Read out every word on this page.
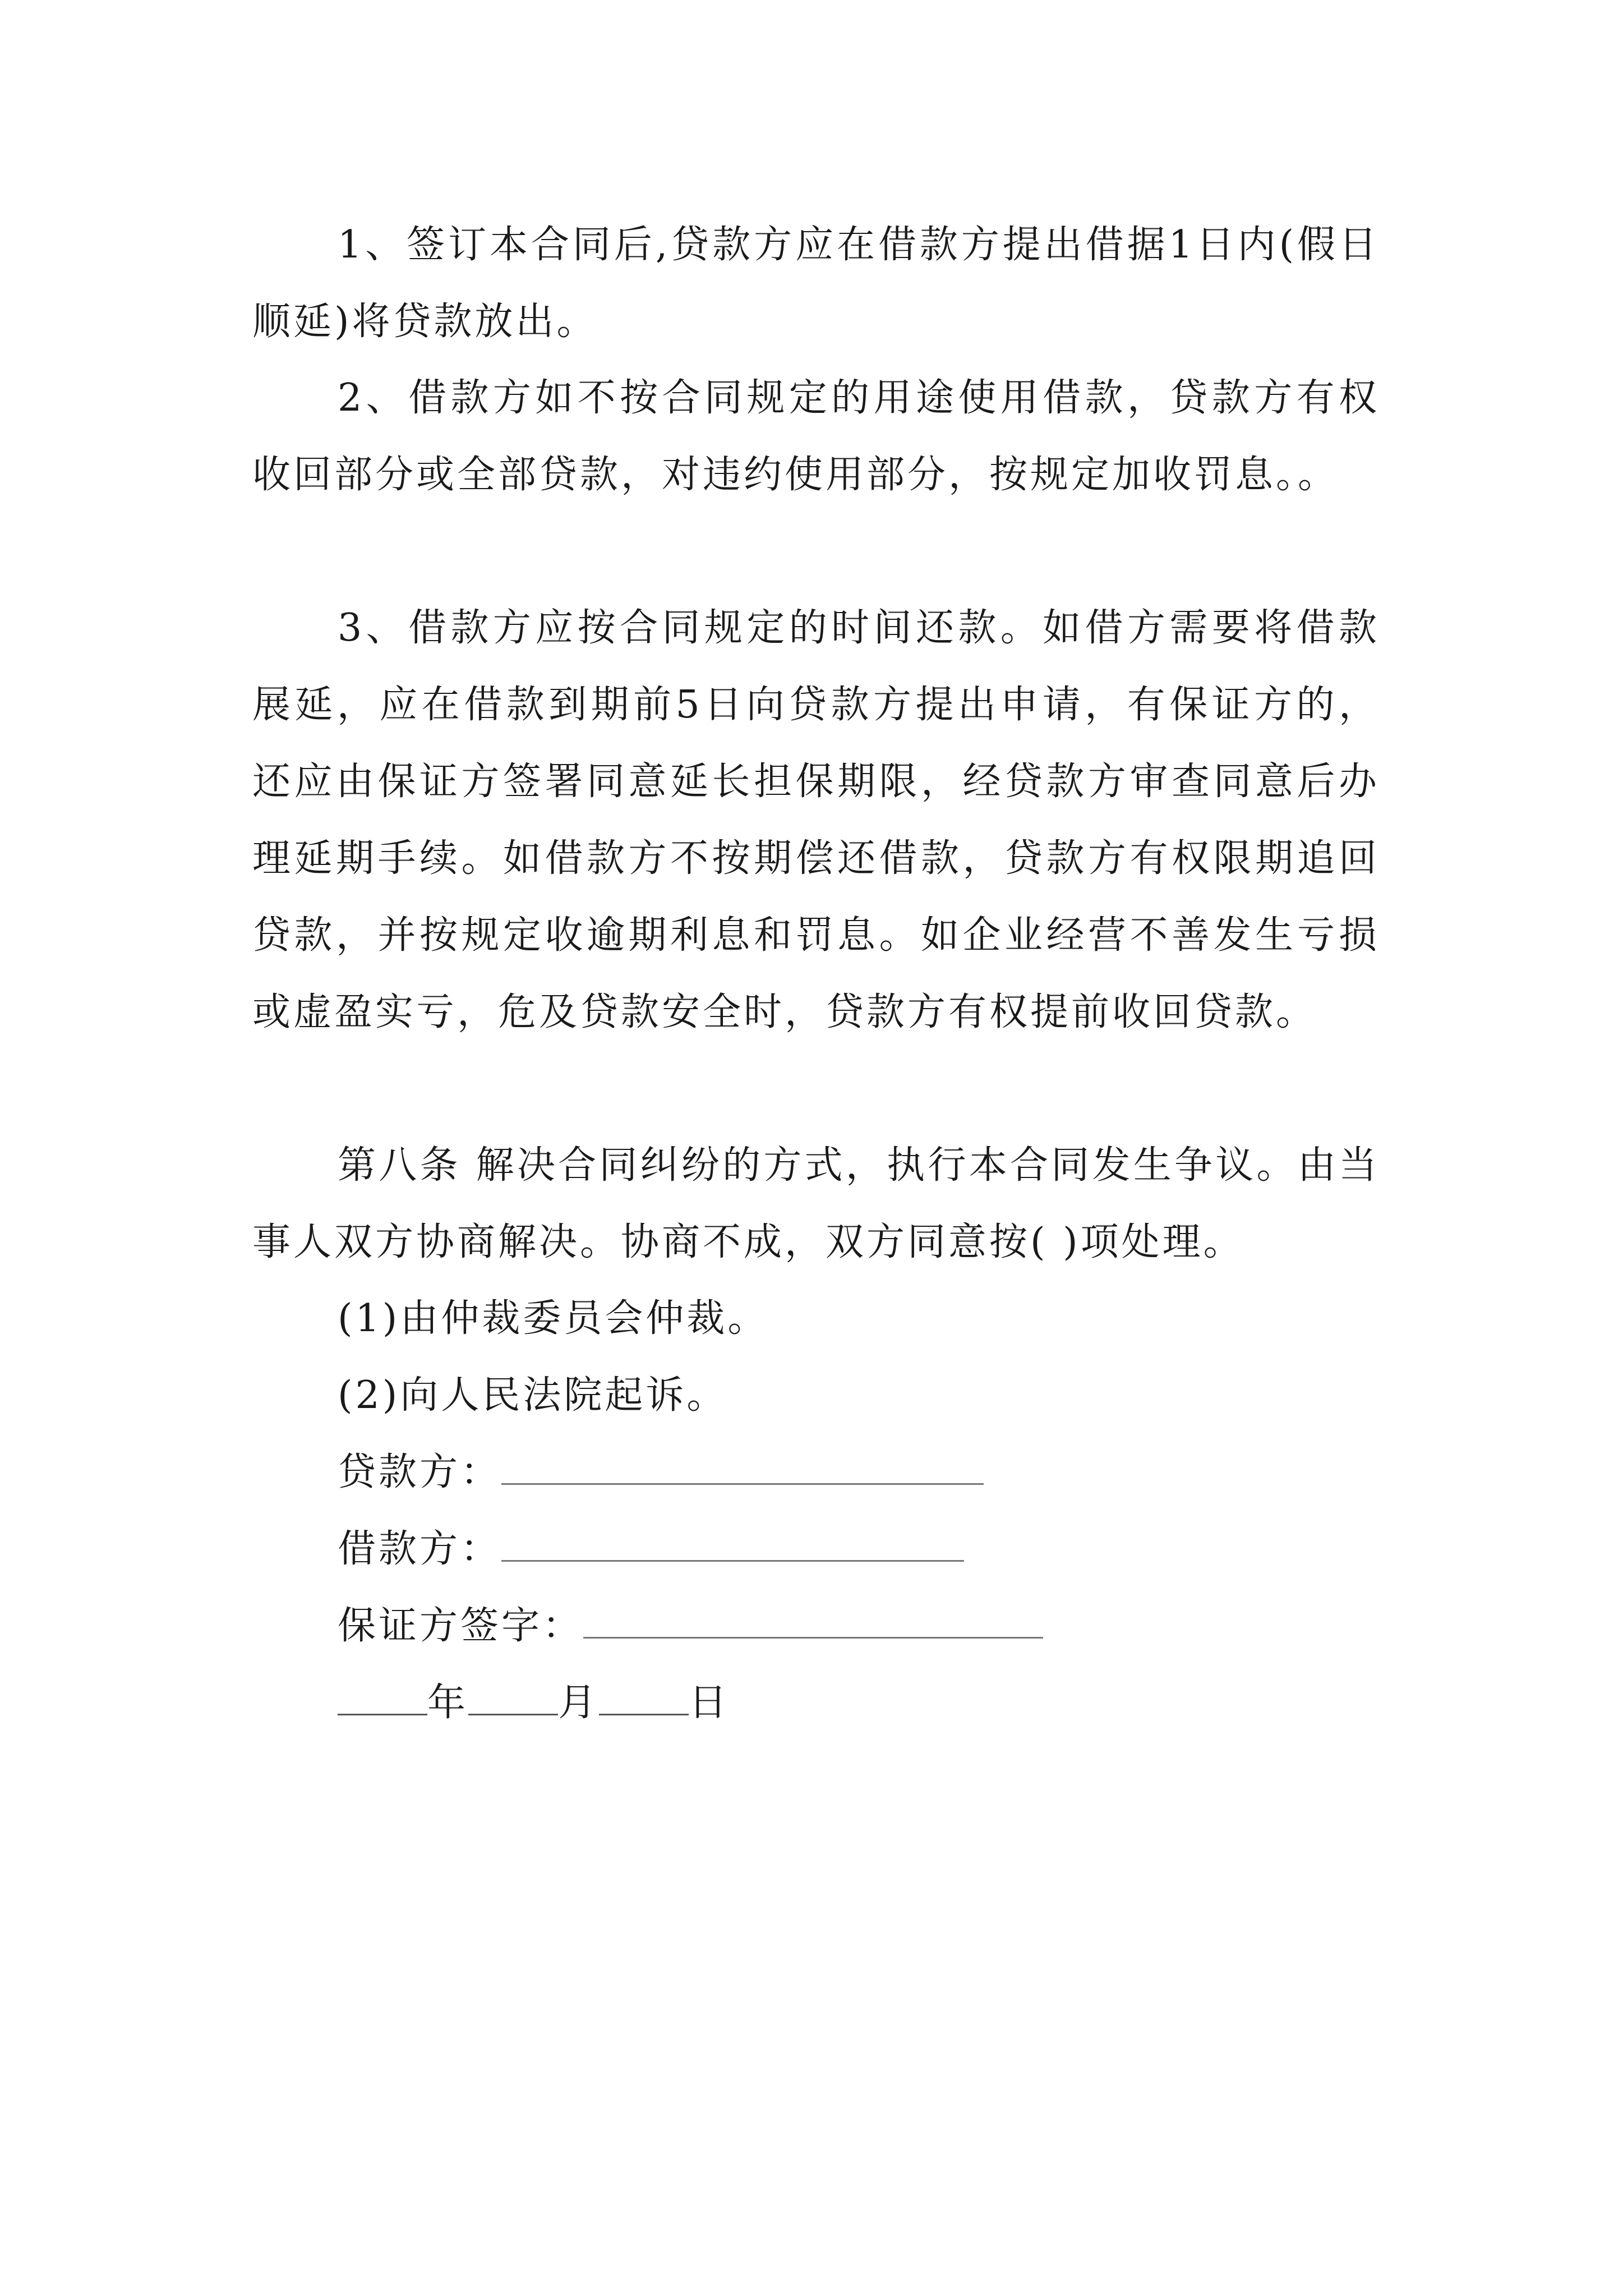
1、签订本合同后,贷款方应在借款方提出借据1日内(假日顺延)将贷款放出。

2、借款方如不按合同规定的用途使用借款，贷款方有权收回部分或全部贷款，对违约使用部分，按规定加收罚息。。

3、借款方应按合同规定的时间还款。如借方需要将借款展延，应在借款到期前5日向贷款方提出申请，有保证方的，还应由保证方签署同意延长担保期限，经贷款方审查同意后办理延期手续。如借款方不按期偿还借款，贷款方有权限期追回贷款，并按规定收逾期利息和罚息。如企业经营不善发生亏损或虚盈实亏，危及贷款安全时，贷款方有权提前收回贷款。

第八条 解决合同纠纷的方式，执行本合同发生争议。由当事人双方协商解决。协商不成，双方同意按( )项处理。

(1)由仲裁委员会仲裁。
(2)向人民法院起诉。
贷款方：
借款方：
保证方签字：
年 月 日
